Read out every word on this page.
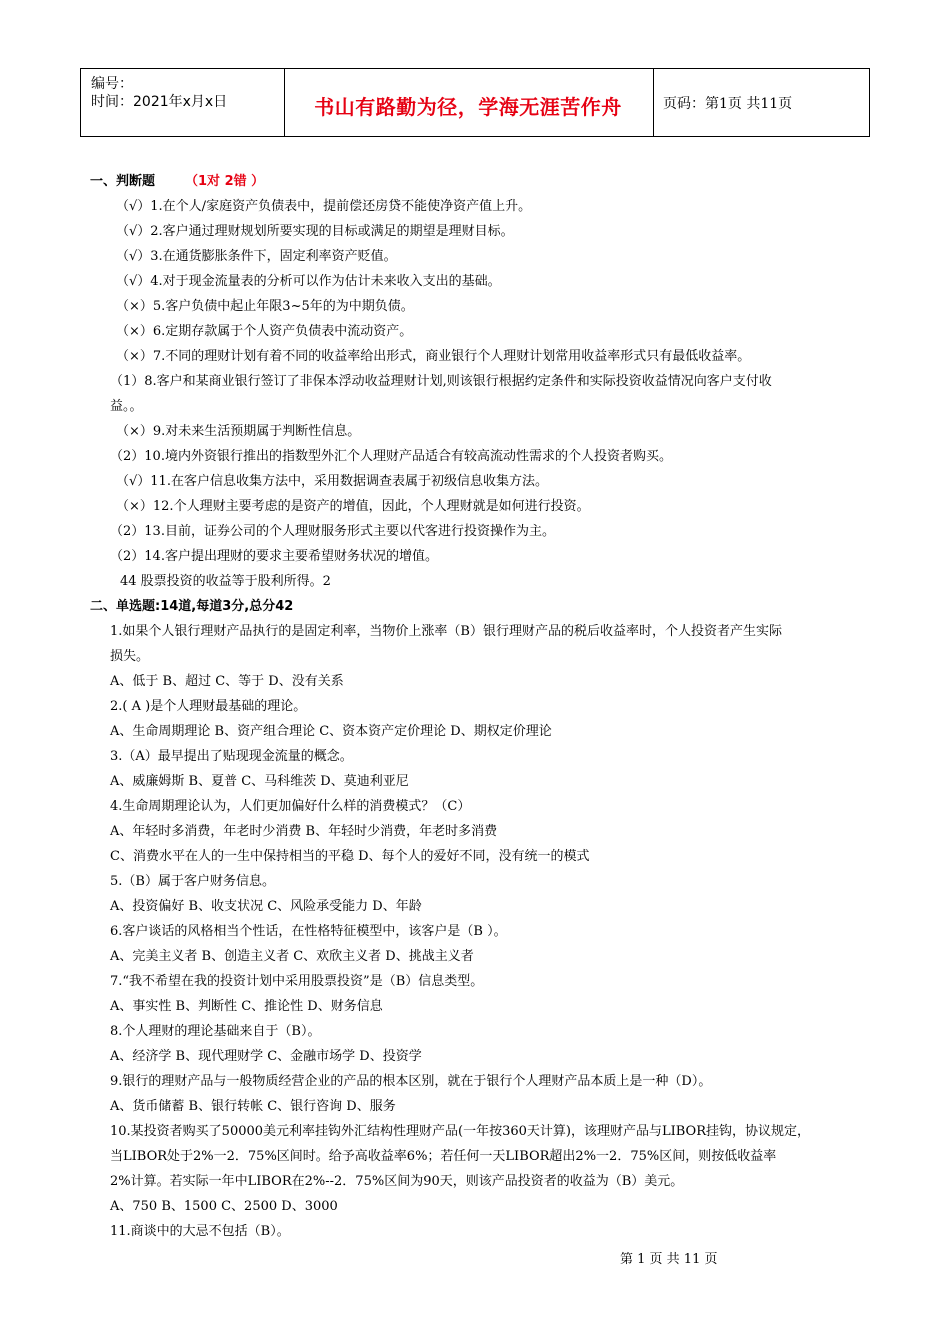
编号：
时间：2021年x月x日	书山有路勤为径，学海无涯苦作舟	页码：第1页 共11页
一、判断题 （1对 2错 ）
（√）1.在个人/家庭资产负债表中，提前偿还房贷不能使净资产值上升。
（√）2.客户通过理财规划所要实现的目标或满足的期望是理财目标。
（√）3.在通货膨胀条件下，固定利率资产贬值。
（√）4.对于现金流量表的分析可以作为估计未来收入支出的基础。
（×）5.客户负债中起止年限3~5年的为中期负债。
（×）6.定期存款属于个人资产负债表中流动资产。
（×）7.不同的理财计划有着不同的收益率给出形式，商业银行个人理财计划常用收益率形式只有最低收益率。
（1）8.客户和某商业银行签订了非保本浮动收益理财计划,则该银行根据约定条件和实际投资收益情况向客户支付收
益。。
（×）9.对未来生活预期属于判断性信息。
（2）10.境内外资银行推出的指数型外汇个人理财产品适合有较高流动性需求的个人投资者购买。
（√）11.在客户信息收集方法中，采用数据调查表属于初级信息收集方法。
（×）12.个人理财主要考虑的是资产的增值，因此，个人理财就是如何进行投资。
（2）13.目前，证券公司的个人理财服务形式主要以代客进行投资操作为主。
（2）14.客户提出理财的要求主要希望财务状况的增值。
44 股票投资的收益等于股利所得。2
二、单选题:14道,每道3分,总分42
1.如果个人银行理财产品执行的是固定利率，当物价上涨率（B）银行理财产品的税后收益率时，个人投资者产生实际
损失。
A、低于 B、超过 C、等于 D、没有关系
2.( A )是个人理财最基础的理论。
A、生命周期理论 B、资产组合理论 C、资本资产定价理论 D、期权定价理论
3.（A）最早提出了贴现现金流量的概念。
A、威廉姆斯 B、夏普 C、马科维茨 D、莫迪利亚尼
4.生命周期理论认为，人们更加偏好什么样的消费模式？（C）
A、年轻时多消费，年老时少消费 B、年轻时少消费，年老时多消费
C、消费水平在人的一生中保持相当的平稳 D、每个人的爱好不同，没有统一的模式
5.（B）属于客户财务信息。
A、投资偏好 B、收支状况 C、风险承受能力 D、年龄
6.客户谈话的风格相当个性话，在性格特征模型中，该客户是（B ）。
A、完美主义者 B、创造主义者 C、欢欣主义者 D、挑战主义者
7.“我不希望在我的投资计划中采用股票投资”是（B）信息类型。
A、事实性 B、判断性 C、推论性 D、财务信息
8.个人理财的理论基础来自于（B）。
A、经济学 B、现代理财学 C、金融市场学 D、投资学
9.银行的理财产品与一般物质经营企业的产品的根本区别，就在于银行个人理财产品本质上是一种（D）。
A、货币储蓄 B、银行转帐 C、银行咨询 D、服务
10.某投资者购买了50000美元利率挂钩外汇结构性理财产品(一年按360天计算)，该理财产品与LIBOR挂钩，协议规定，
当LIBOR处于2%一2．75%区间时。给予高收益率6%；若任何一天LIBOR超出2%一2．75%区间，则按低收益率
2%计算。若实际一年中LIBOR在2%--2．75%区间为90天，则该产品投资者的收益为（B）美元。
A、750 B、1500 C、2500 D、3000
11.商谈中的大忌不包括（B）。
第 1 页 共 11 页
